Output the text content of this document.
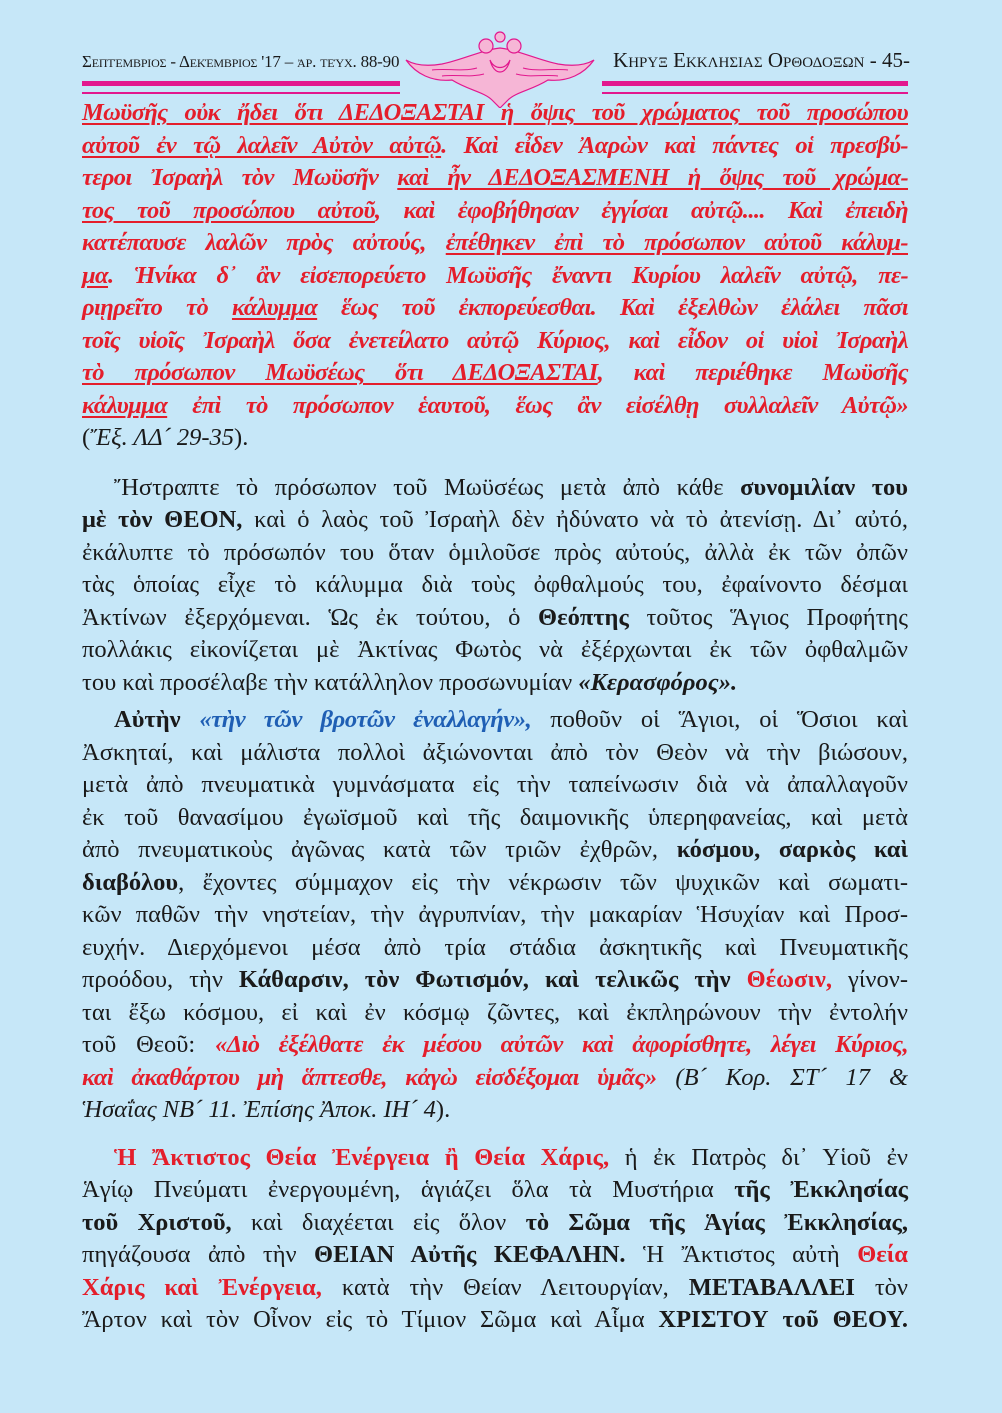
Σεπτέμβριος - Δεκέμβριος '17 – ἀρ. τεύχ. 88-90	Κηρυξ Εκκλησιας Ορθοδοξων - 45-
Μωϋσῆς οὐκ ἤδει ὅτι ΔΕΔΟΞΑΣΤΑΙ ἡ ὄψις τοῦ χρώματος τοῦ προσώπου
αὐτοῦ ἐν τῷ λαλεῖν Αὐτὸν αὐτῷ. Καὶ εἶδεν Ἀαρὼν καὶ πάντες οἱ πρεσβύ-
τεροι Ἰσραὴλ τὸν Μωϋσῆν καὶ ἦν ΔΕΔΟΞΑΣΜΕΝΗ ἡ ὄψις τοῦ χρώμα-
τος τοῦ προσώπου αὐτοῦ, καὶ ἐφοβήθησαν ἐγγίσαι αὐτῷ.... Καὶ ἐπειδὴ
κατέπαυσε λαλῶν πρὸς αὐτούς, ἐπέθηκεν ἐπὶ τὸ πρόσωπον αὐτοῦ κάλυμ-
μα. Ἡνίκα δ᾽ ἂν εἰσεπορεύετο Μωϋσῆς ἔναντι Κυρίου λαλεῖν αὐτῷ, πε-
ριῃρεῖτο τὸ κάλυμμα ἕως τοῦ ἐκπορεύεσθαι. Καὶ ἐξελθὼν ἐλάλει πᾶσι
τοῖς υἱοῖς Ἰσραὴλ ὅσα ἐνετείλατο αὐτῷ Κύριος, καὶ εἶδον οἱ υἱοὶ Ἰσραὴλ
τὸ πρόσωπον Μωϋσέως ὅτι ΔΕΔΟΞΑΣΤΑΙ, καὶ περιέθηκε Μωϋσῆς
κάλυμμα ἐπὶ τὸ πρόσωπον ἑαυτοῦ, ἕως ἂν εἰσέλθῃ συλλαλεῖν Αὐτῷ»
(Ἔξ. ΛΔ´ 29-35).
Ἤστραπτε τὸ πρόσωπον τοῦ Μωϋσέως μετὰ ἀπὸ κάθε συνομιλίαν του
μὲ τὸν ΘΕΟΝ, καὶ ὁ λαὸς τοῦ Ἰσραὴλ δὲν ἠδύνατο νὰ τὸ ἀτενίσῃ. Δι᾽ αὐτό,
ἐκάλυπτε τὸ πρόσωπόν του ὅταν ὁμιλοῦσε πρὸς αὐτούς, ἀλλὰ ἐκ τῶν ὀπῶν
τὰς ὁποίας εἶχε τὸ κάλυμμα διὰ τοὺς ὀφθαλμούς του, ἐφαίνοντο δέσμαι
Ἀκτίνων ἐξερχόμεναι. Ὡς ἐκ τούτου, ὁ Θεόπτης τοῦτος Ἅγιος Προφήτης
πολλάκις εἰκονίζεται μὲ Ἀκτίνας Φωτὸς νὰ ἐξέρχωνται ἐκ τῶν ὀφθαλμῶν
του καὶ προσέλαβε τὴν κατάλληλον προσωνυμίαν «Κερασφόρος».
Αὐτὴν «τὴν τῶν βροτῶν ἐναλλαγήν», ποθοῦν οἱ Ἅγιοι, οἱ Ὅσιοι καὶ
Ἀσκηταί, καὶ μάλιστα πολλοὶ ἀξιώνονται ἀπὸ τὸν Θεὸν νὰ τὴν βιώσουν,
μετὰ ἀπὸ πνευματικὰ γυμνάσματα εἰς τὴν ταπείνωσιν διὰ νὰ ἀπαλλαγοῦν
ἐκ τοῦ θανασίμου ἐγωϊσμοῦ καὶ τῆς δαιμονικῆς ὑπερηφανείας, καὶ μετὰ
ἀπὸ πνευματικοὺς ἀγῶνας κατὰ τῶν τριῶν ἐχθρῶν, κόσμου, σαρκὸς καὶ
διαβόλου, ἔχοντες σύμμαχον εἰς τὴν νέκρωσιν τῶν ψυχικῶν καὶ σωματι-
κῶν παθῶν τὴν νηστείαν, τὴν ἀγρυπνίαν, τὴν μακαρίαν Ἡσυχίαν καὶ Προσ-
ευχήν. Διερχόμενοι μέσα ἀπὸ τρία στάδια ἀσκητικῆς καὶ Πνευματικῆς
προόδου, τὴν Κάθαρσιν, τὸν Φωτισμόν, καὶ τελικῶς τὴν Θέωσιν, γίνον-
ται ἔξω κόσμου, εἰ καὶ ἐν κόσμῳ ζῶντες, καὶ ἐκπληρώνουν τὴν ἐντολήν
τοῦ Θεοῦ: «Διὸ ἐξέλθατε ἐκ μέσου αὐτῶν καὶ ἀφορίσθητε, λέγει Κύριος,
καὶ ἀκαθάρτου μὴ ἅπτεσθε, κἀγὼ εἰσδέξομαι ὑμᾶς» (Β´ Κορ. ΣΤ´ 17 &
Ἡσαΐας ΝΒ´ 11. Ἐπίσης Ἀποκ. ΙΗ´ 4).
Ἡ Ἄκτιστος Θεία Ἐνέργεια ἢ Θεία Χάρις, ἡ ἐκ Πατρὸς δι᾽ Υἱοῦ ἐν
Ἁγίῳ Πνεύματι ἐνεργουμένη, ἁγιάζει ὅλα τὰ Μυστήρια τῆς Ἐκκλησίας
τοῦ Χριστοῦ, καὶ διαχέεται εἰς ὅλον τὸ Σῶμα τῆς Ἁγίας Ἐκκλησίας,
πηγάζουσα ἀπὸ τὴν ΘΕΙΑΝ Αὐτῆς ΚΕΦΑΛΗΝ. Ἡ Ἄκτιστος αὐτὴ Θεία
Χάρις καὶ Ἐνέργεια, κατὰ τὴν Θείαν Λειτουργίαν, ΜΕΤΑΒΑΛΛΕΙ τὸν
Ἄρτον καὶ τὸν Οἶνον εἰς τὸ Τίμιον Σῶμα καὶ Αἷμα ΧΡΙΣΤΟΥ τοῦ ΘΕΟΥ.
